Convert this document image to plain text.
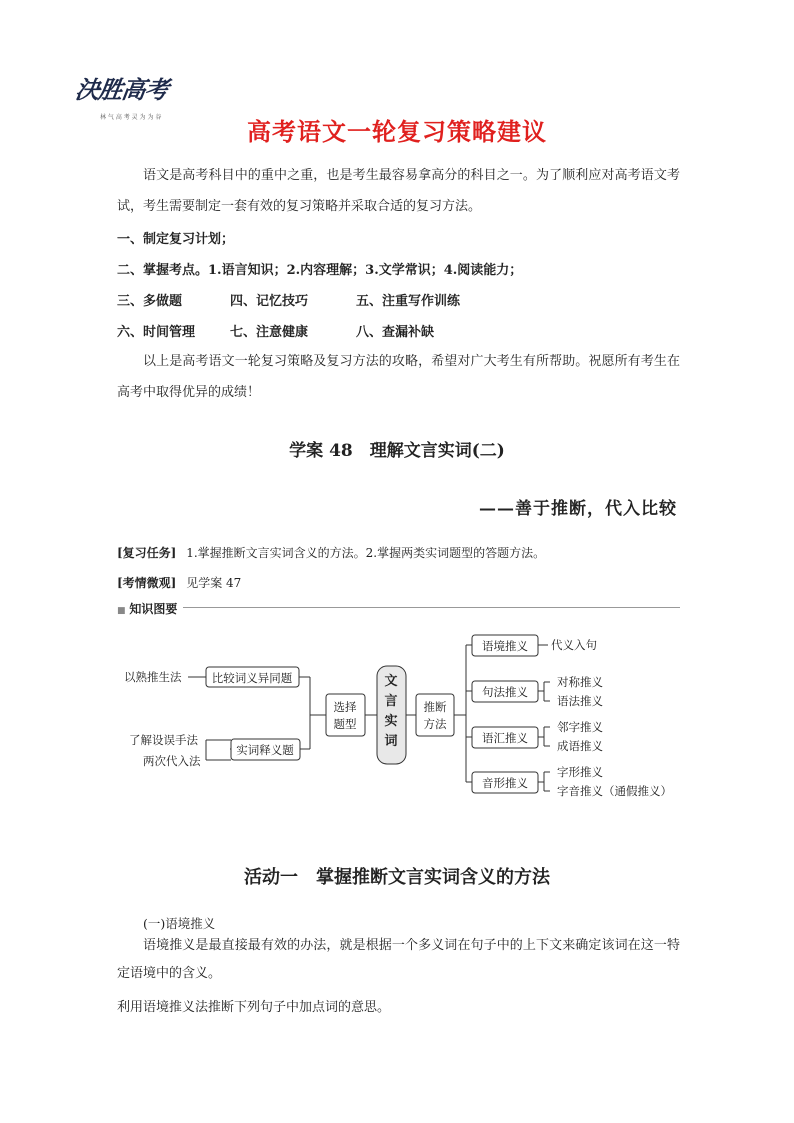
決胜高考
林 气 高 考 灵 为 为 谷
高考语文一轮复习策略建议
语文是高考科目中的重中之重，也是考生最容易拿高分的科目之一。为了顺利应对高考语文考试，考生需要制定一套有效的复习策略并采取合适的复习方法。
一、制定复习计划；
二、掌握考点。1.语言知识；2.内容理解；3.文学常识；4.阅读能力；
三、多做题	四、记忆技巧	五、注重写作训练
六、时间管理	七、注意健康	八、查漏补缺
以上是高考语文一轮复习策略及复习方法的攻略，希望对广大考生有所帮助。祝愿所有考生在高考中取得优异的成绩！
学案 48　理解文言实词(二)
——善于推断，代入比较
[复习任务] 1.掌握推断文言实词含义的方法。2.掌握两类实词题型的答题方法。
[考情微观] 见学案 47
■ 知识图要
以熟推生法	比较词义异同题
了解设误手法
两次代入法
实词释义题
选择
题型
推断
方法
文
言
实
词
语境推义
句法推义
语汇推义
音形推义
代义入句
对称推义
语法推义
邻字推义
成语推义
字形推义
字音推义（通假推义）
活动一　掌握推断文言实词含义的方法
(一)语境推义
语境推义是最直接最有效的办法，就是根据一个多义词在句子中的上下文来确定该词在这一特定语境中的含义。
利用语境推义法推断下列句子中加点词的意思。
